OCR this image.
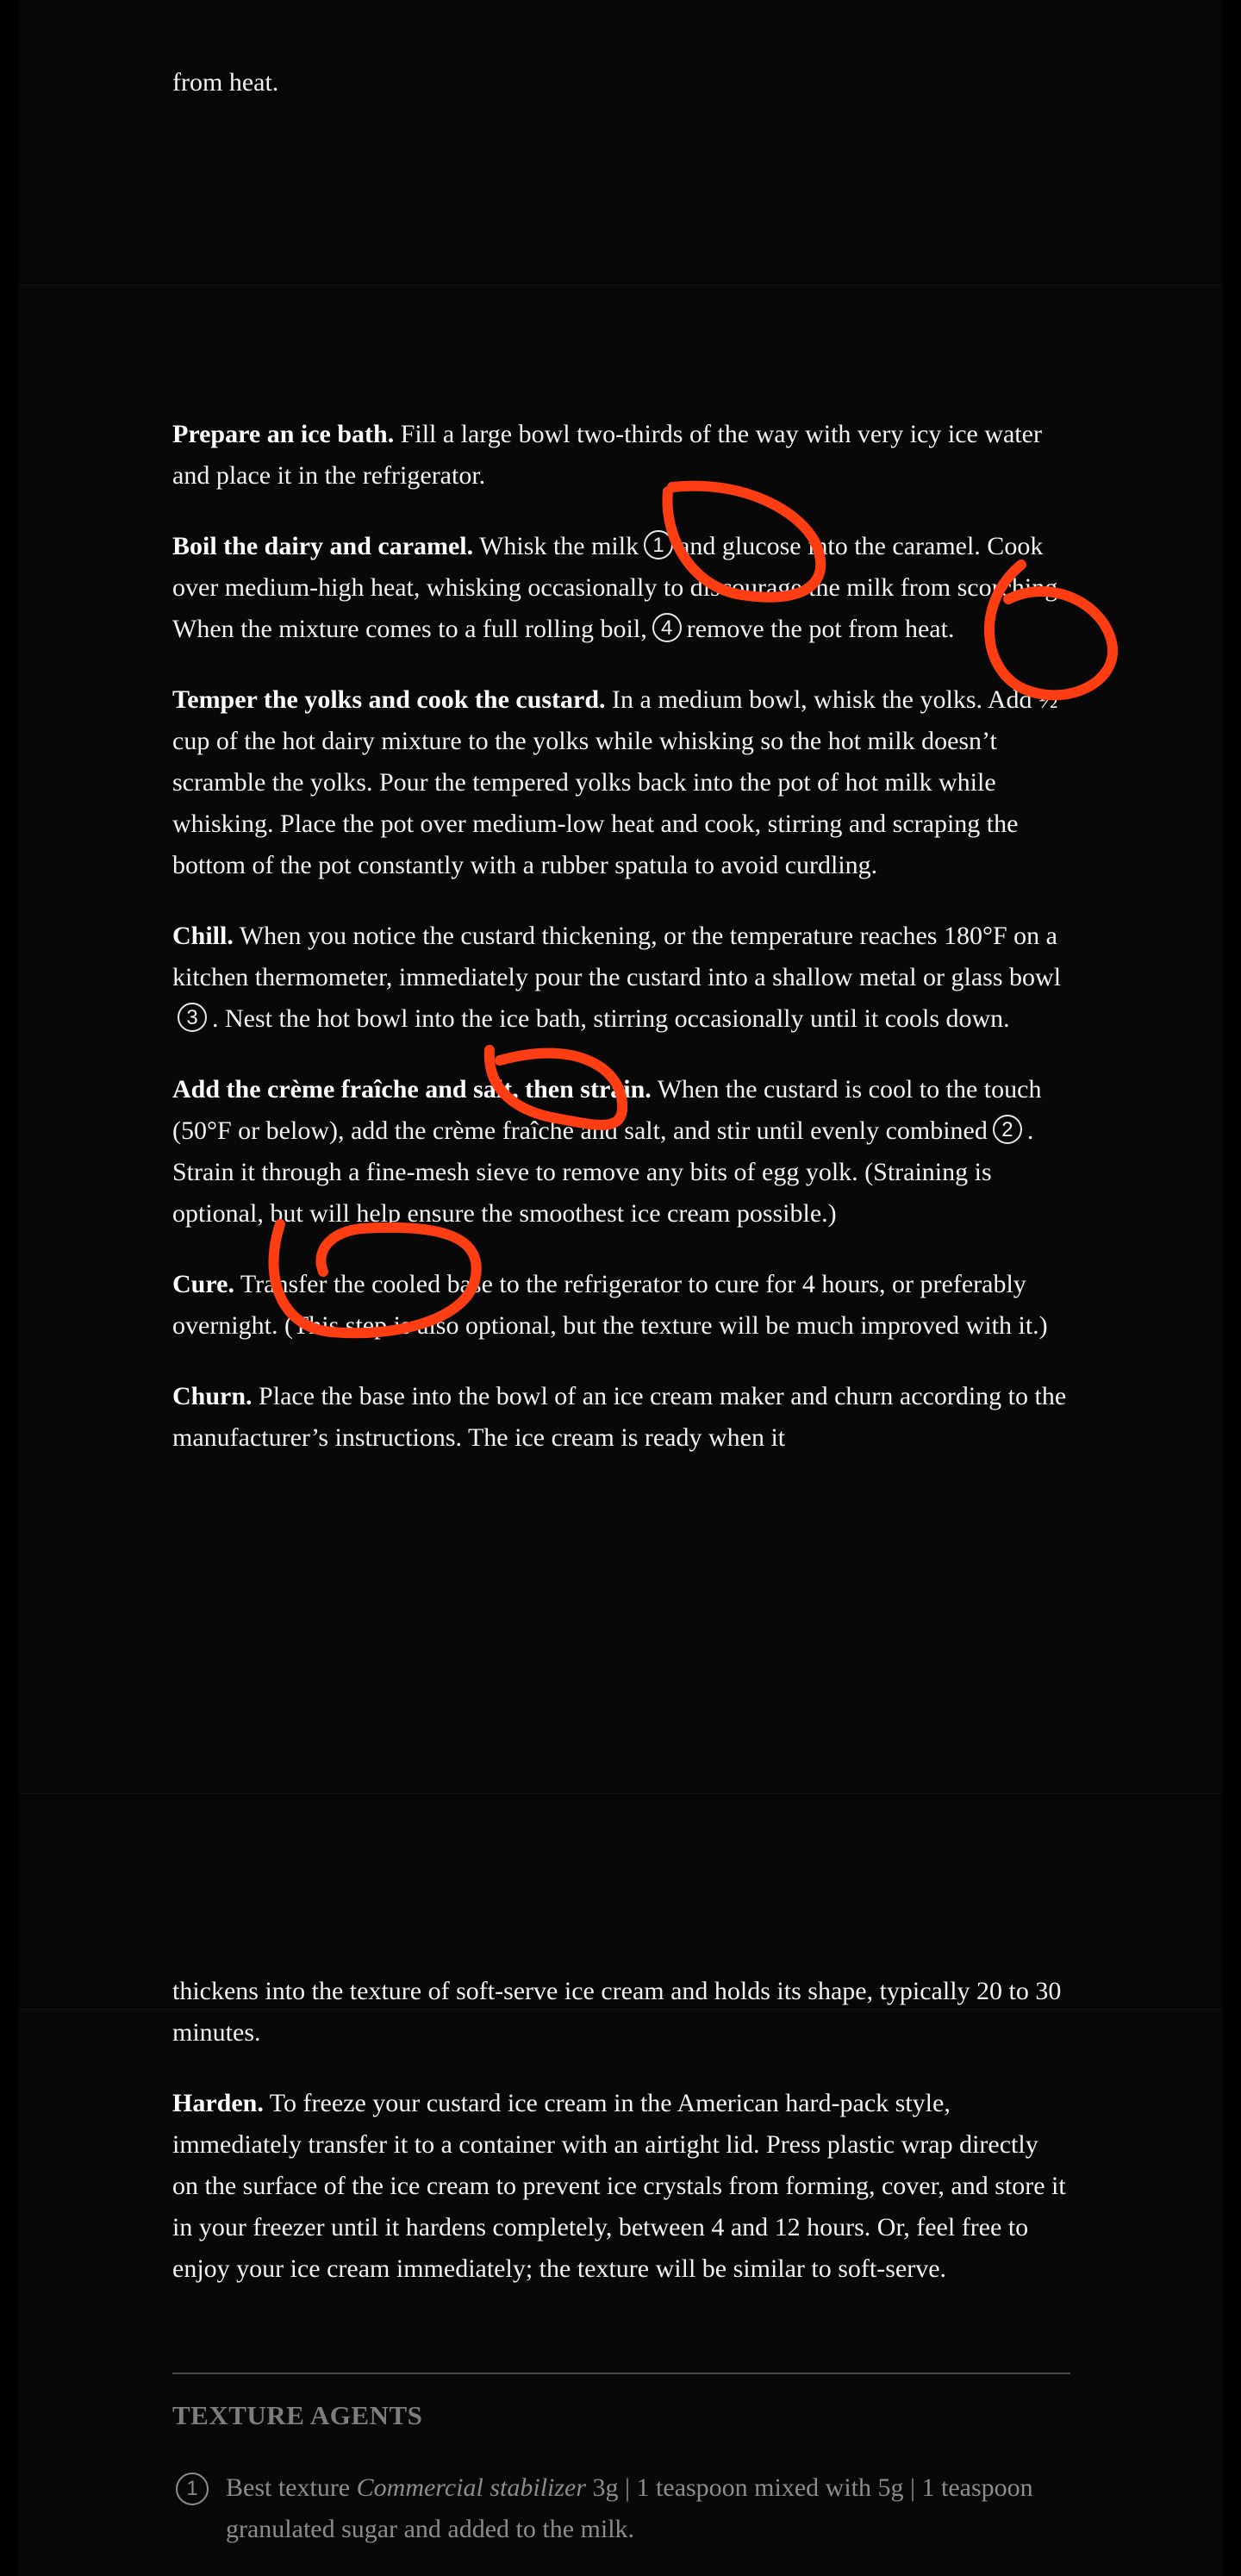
from heat.

Prepare an ice bath. Fill a large bowl two-thirds of the way with very icy ice water and place it in the refrigerator.

Boil the dairy and caramel. Whisk the milk 1 and glucose into the caramel. Cook over medium-high heat, whisking occasionally to discourage the milk from scorching. When the mixture comes to a full rolling boil, 4 remove the pot from heat.

Temper the yolks and cook the custard. In a medium bowl, whisk the yolks. Add ½ cup of the hot dairy mixture to the yolks while whisking so the hot milk doesn’t scramble the yolks. Pour the tempered yolks back into the pot of hot milk while whisking. Place the pot over medium-low heat and cook, stirring and scraping the bottom of the pot constantly with a rubber spatula to avoid curdling.

Chill. When you notice the custard thickening, or the temperature reaches 180°F on a kitchen thermometer, immediately pour the custard into a shallow metal or glass bowl3 . Nest the hot bowl into the ice bath, stirring occasionally until it cools down.

Add the crème fraîche and salt, then strain. When the custard is cool to the touch (50°F or below), add the crème fraîche and salt, and stir until evenly combined 2 . Strain it through a fine-mesh sieve to remove any bits of egg yolk. (Straining is optional, but will help ensure the smoothest ice cream possible.)

Cure. Transfer the cooled base to the refrigerator to cure for 4 hours, or preferably overnight. (This step is also optional, but the texture will be much improved with it.)

Churn. Place the base into the bowl of an ice cream maker and churn according to the manufacturer’s instructions. The ice cream is ready when it

thickens into the texture of soft-serve ice cream and holds its shape, typically 20 to 30 minutes.

Harden. To freeze your custard ice cream in the American hard-pack style, immediately transfer it to a container with an airtight lid. Press plastic wrap directly on the surface of the ice cream to prevent ice crystals from forming, cover, and store it in your freezer until it hardens completely, between 4 and 12 hours. Or, feel free to enjoy your ice cream immediately; the texture will be similar to soft-serve.

TEXTURE AGENTS
1	Best texture Commercial stabilizer 3g | 1 teaspoon mixed with 5g | 1 teaspoon granulated sugar and added to the milk.
